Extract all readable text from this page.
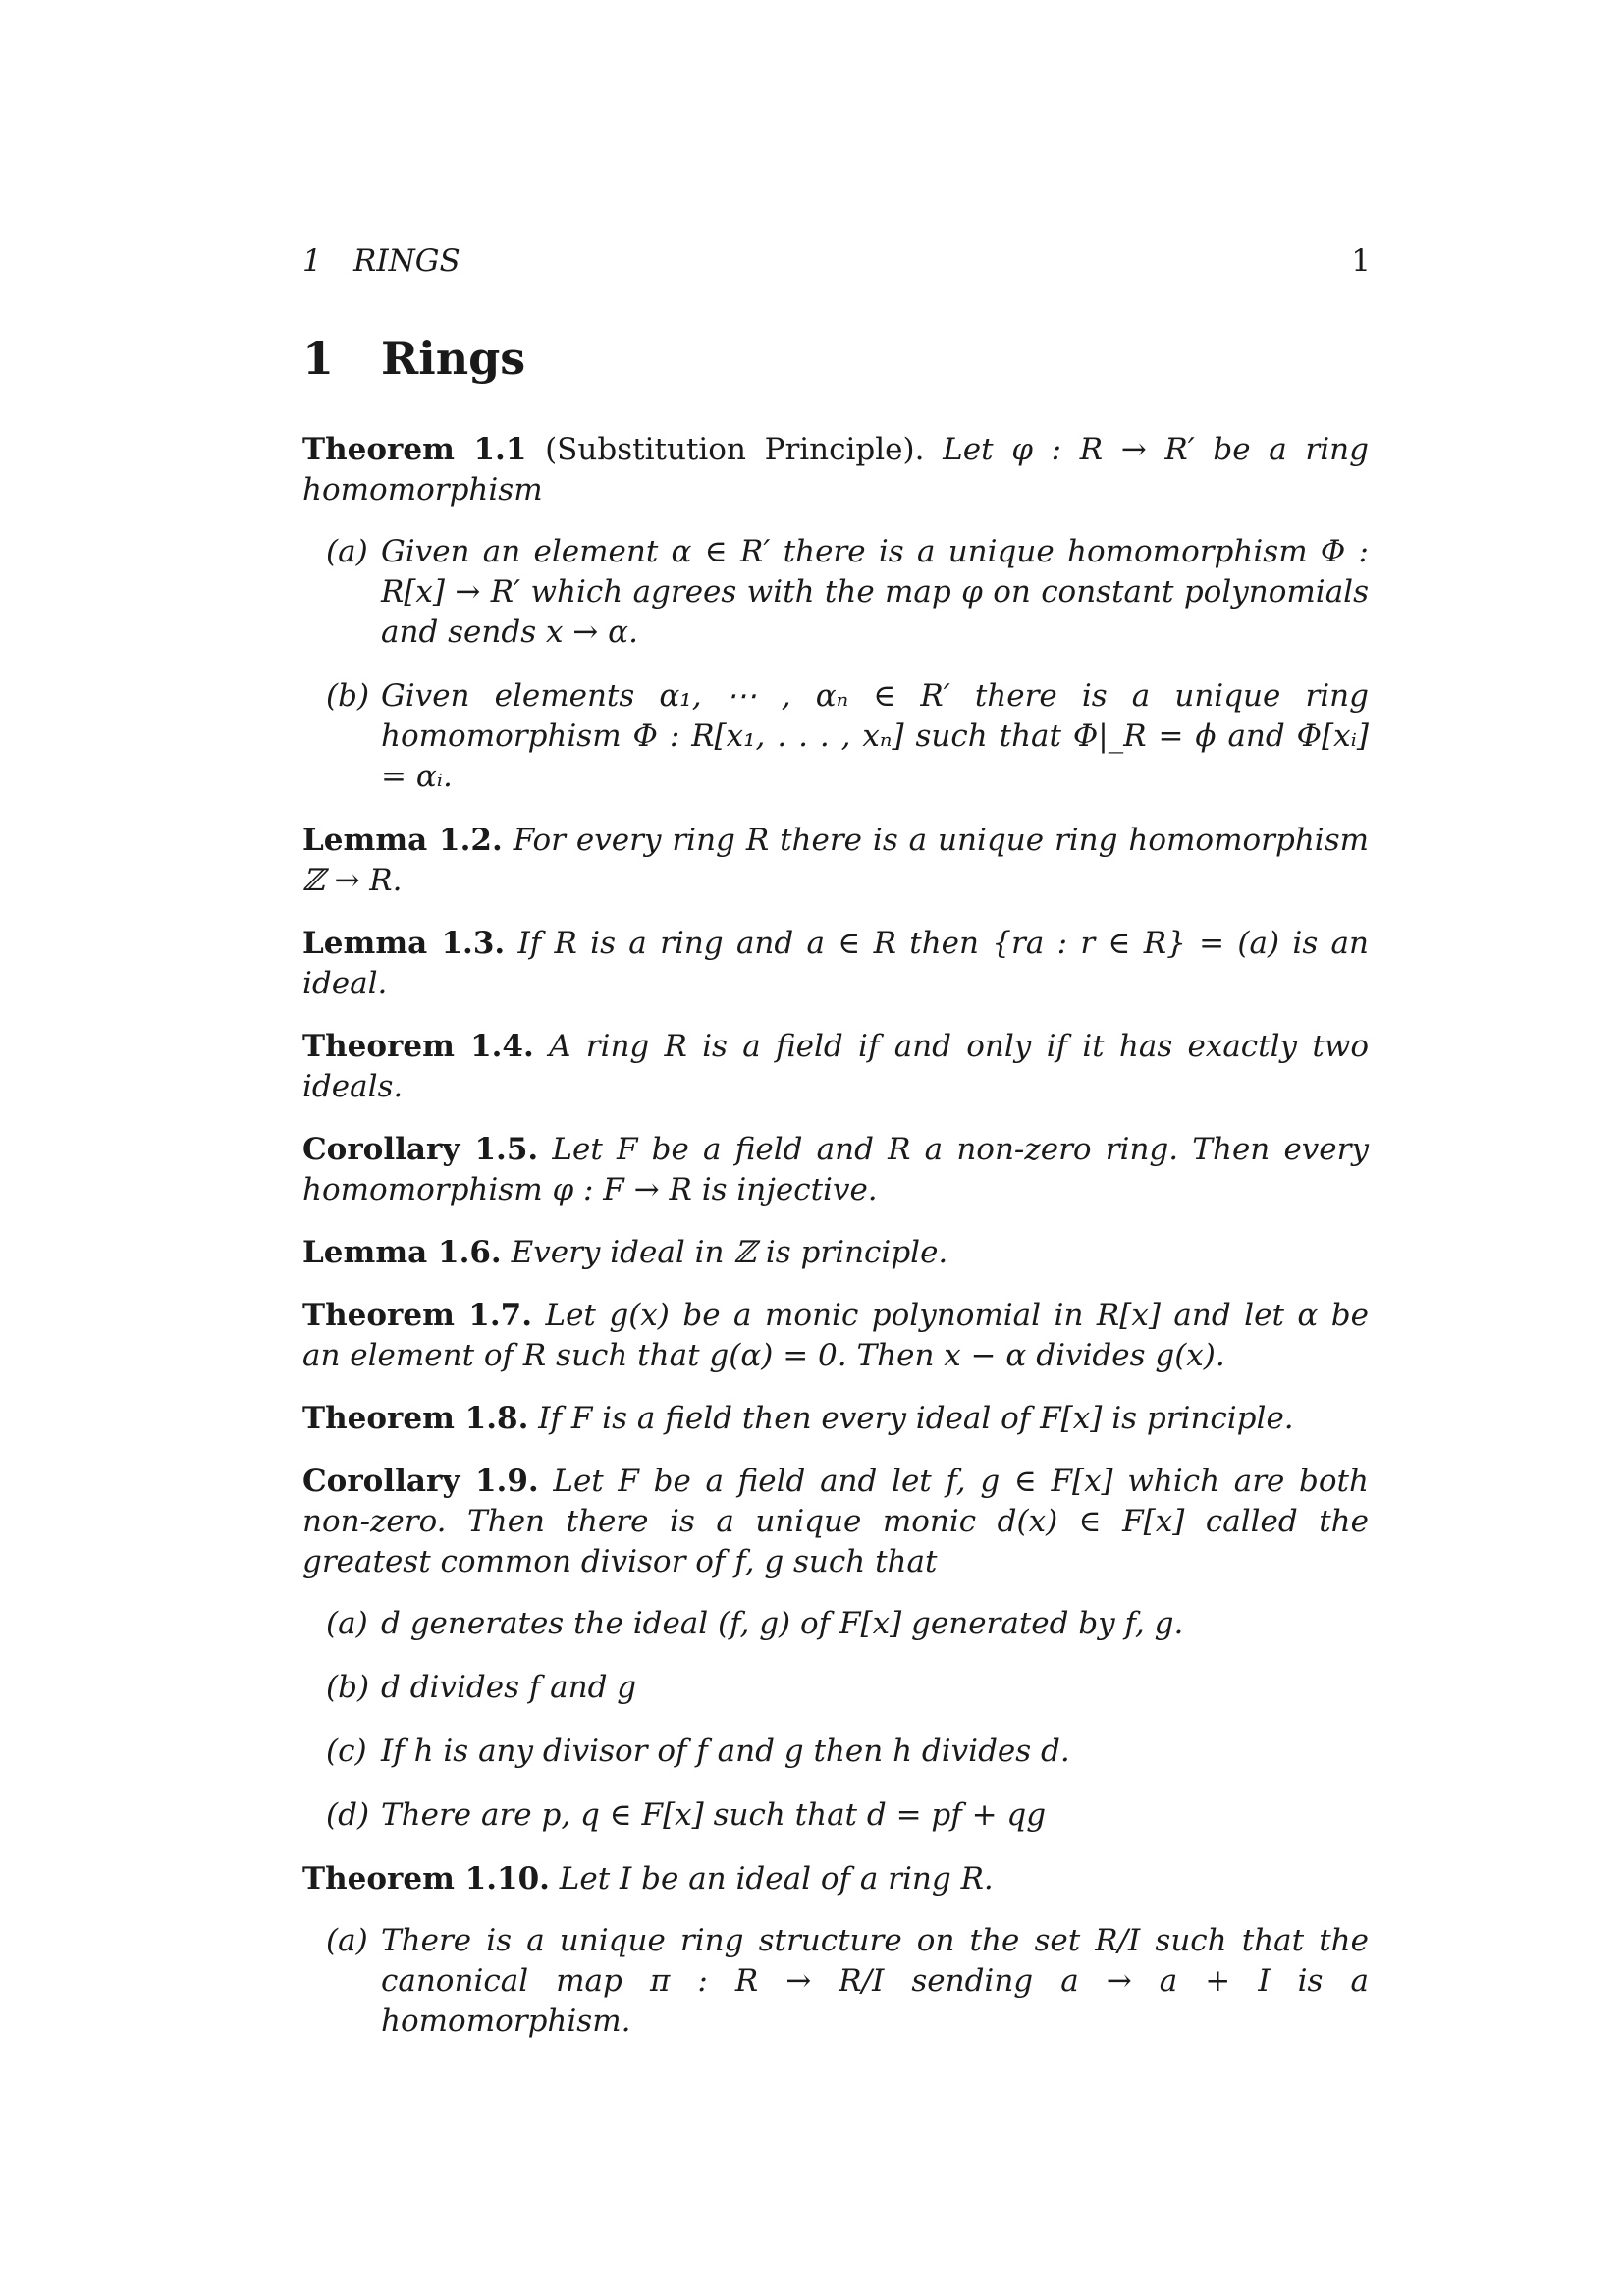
1 RINGS	1
1 Rings
Theorem 1.1 (Substitution Principle). Let φ : R → R′ be a ring homomorphism
(a) Given an element α ∈ R′ there is a unique homomorphism Φ : R[x] → R′ which agrees with the map φ on constant polynomials and sends x → α.
(b) Given elements α₁, ⋯ , αₙ ∈ R′ there is a unique ring homomorphism Φ : R[x₁, . . . , xₙ] such that Φ|_R = ϕ and Φ[xᵢ] = αᵢ.
Lemma 1.2. For every ring R there is a unique ring homomorphism ℤ → R.
Lemma 1.3. If R is a ring and a ∈ R then {ra : r ∈ R} = (a) is an ideal.
Theorem 1.4. A ring R is a field if and only if it has exactly two ideals.
Corollary 1.5. Let F be a field and R a non-zero ring. Then every homomorphism φ : F → R is injective.
Lemma 1.6. Every ideal in ℤ is principle.
Theorem 1.7. Let g(x) be a monic polynomial in R[x] and let α be an element of R such that g(α) = 0. Then x − α divides g(x).
Theorem 1.8. If F is a field then every ideal of F[x] is principle.
Corollary 1.9. Let F be a field and let f, g ∈ F[x] which are both non-zero. Then there is a unique monic d(x) ∈ F[x] called the greatest common divisor of f, g such that
(a) d generates the ideal (f, g) of F[x] generated by f, g.
(b) d divides f and g
(c) If h is any divisor of f and g then h divides d.
(d) There are p, q ∈ F[x] such that d = pf + qg
Theorem 1.10. Let I be an ideal of a ring R.
(a) There is a unique ring structure on the set R/I such that the canonical map π : R → R/I sending a → a + I is a homomorphism.
